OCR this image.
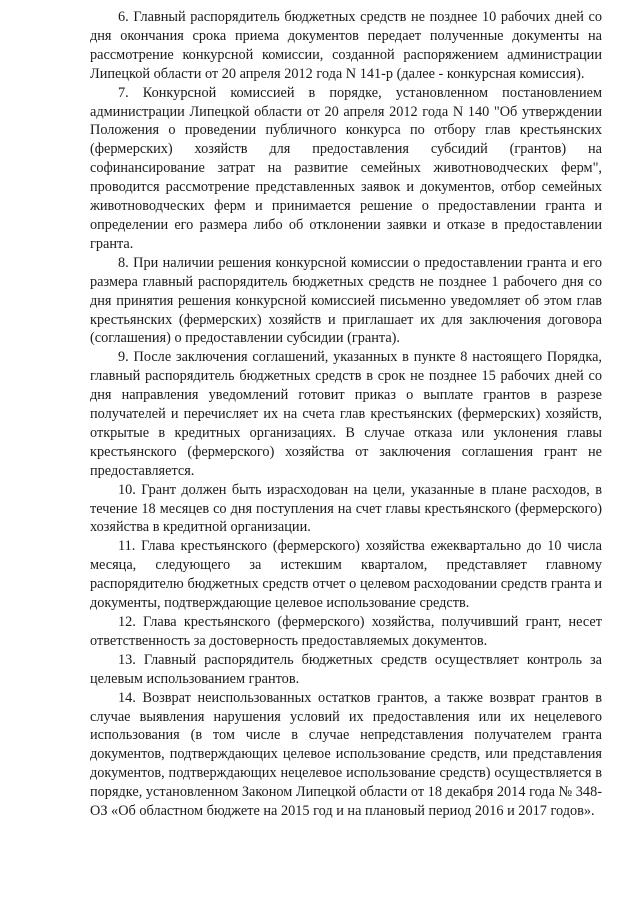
6. Главный распорядитель бюджетных средств не позднее 10 рабочих дней со дня окончания срока приема документов передает полученные документы на рассмотрение конкурсной комиссии, созданной распоряжением администрации Липецкой области от 20 апреля 2012 года N 141-р (далее - конкурсная комиссия).

7. Конкурсной комиссией в порядке, установленном постановлением администрации Липецкой области от 20 апреля 2012 года N 140 "Об утверждении Положения о проведении публичного конкурса по отбору глав крестьянских (фермерских) хозяйств для предоставления субсидий (грантов) на софинансирование затрат на развитие семейных животноводческих ферм", проводится рассмотрение представленных заявок и документов, отбор семейных животноводческих ферм и принимается решение о предоставлении гранта и определении его размера либо об отклонении заявки и отказе в предоставлении гранта.

8. При наличии решения конкурсной комиссии о предоставлении гранта и его размера главный распорядитель бюджетных средств не позднее 1 рабочего дня со дня принятия решения конкурсной комиссией письменно уведомляет об этом глав крестьянских (фермерских) хозяйств и приглашает их для заключения договора (соглашения) о предоставлении субсидии (гранта).

9. После заключения соглашений, указанных в пункте 8 настоящего Порядка, главный распорядитель бюджетных средств в срок не позднее 15 рабочих дней со дня направления уведомлений готовит приказ о выплате грантов в разрезе получателей и перечисляет их на счета глав крестьянских (фермерских) хозяйств, открытые в кредитных организациях. В случае отказа или уклонения главы крестьянского (фермерского) хозяйства от заключения соглашения грант не предоставляется.

10. Грант должен быть израсходован на цели, указанные в плане расходов, в течение 18 месяцев со дня поступления на счет главы крестьянского (фермерского) хозяйства в кредитной организации.

11. Глава крестьянского (фермерского) хозяйства ежеквартально до 10 числа месяца, следующего за истекшим кварталом, представляет главному распорядителю бюджетных средств отчет о целевом расходовании средств гранта и документы, подтверждающие целевое использование средств.

12. Глава крестьянского (фермерского) хозяйства, получивший грант, несет ответственность за достоверность предоставляемых документов.

13. Главный распорядитель бюджетных средств осуществляет контроль за целевым использованием грантов.

14. Возврат неиспользованных остатков грантов, а также возврат грантов в случае выявления нарушения условий их предоставления или их нецелевого использования (в том числе в случае непредставления получателем гранта документов, подтверждающих целевое использование средств, или представления документов, подтверждающих нецелевое использование средств) осуществляется в порядке, установленном Законом Липецкой области от 18 декабря 2014 года № 348-ОЗ «Об областном бюджете на 2015 год и на плановый период 2016 и 2017 годов».
